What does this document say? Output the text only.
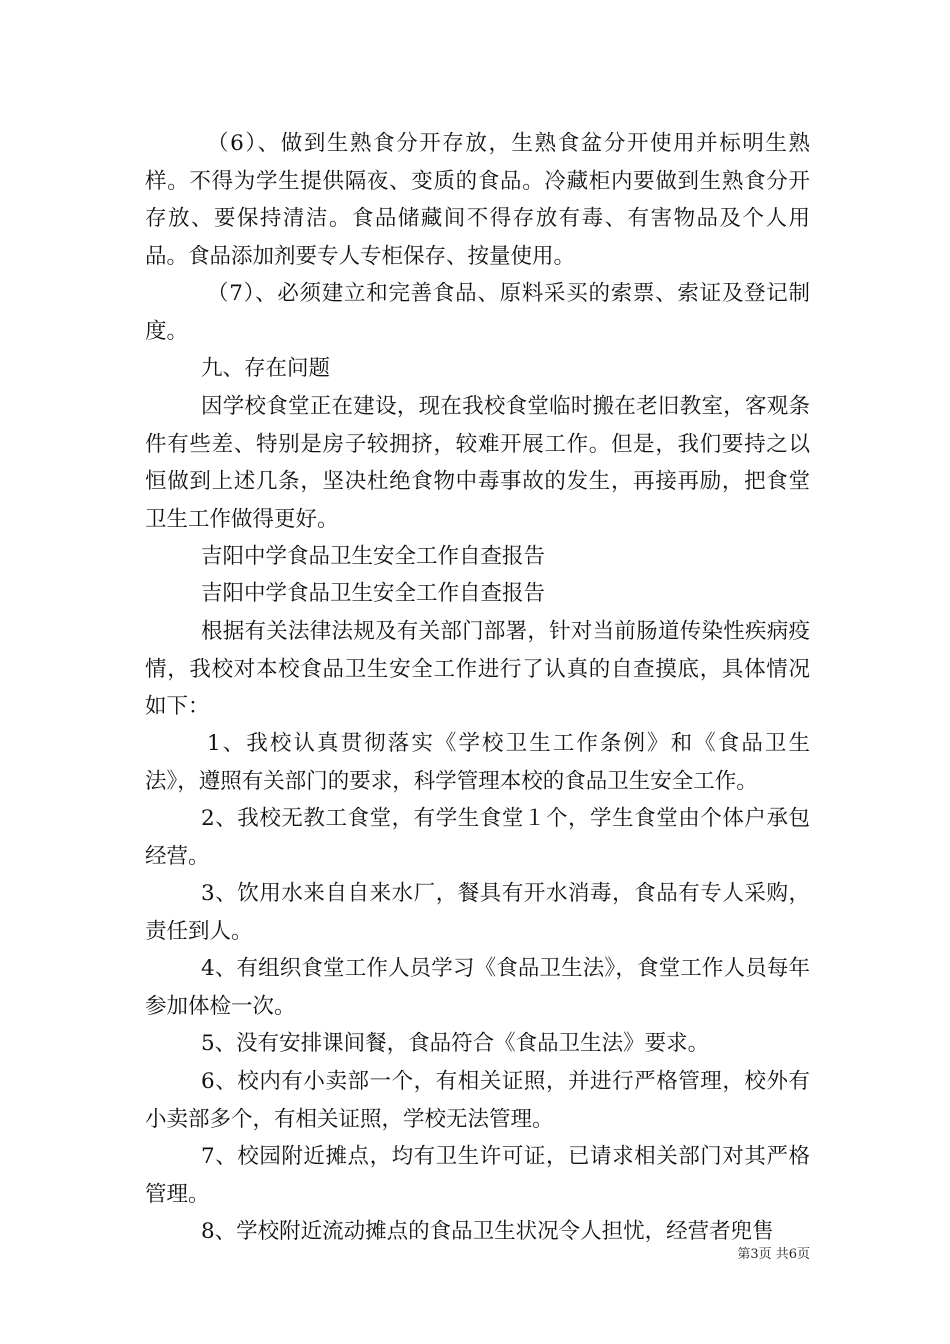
（6）、做到生熟食分开存放，生熟食盆分开使用并标明生熟样。不得为学生提供隔夜、变质的食品。冷藏柜内要做到生熟食分开存放、要保持清洁。食品储藏间不得存放有毒、有害物品及个人用品。食品添加剂要专人专柜保存、按量使用。

（7）、必须建立和完善食品、原料采买的索票、索证及登记制度。

九、存在问题

因学校食堂正在建设，现在我校食堂临时搬在老旧教室，客观条件有些差、特别是房子较拥挤，较难开展工作。但是，我们要持之以恒做到上述几条，坚决杜绝食物中毒事故的发生，再接再励，把食堂卫生工作做得更好。

吉阳中学食品卫生安全工作自查报告

吉阳中学食品卫生安全工作自查报告

根据有关法律法规及有关部门部署，针对当前肠道传染性疾病疫情，我校对本校食品卫生安全工作进行了认真的自查摸底，具体情况如下：

1、我校认真贯彻落实《学校卫生工作条例》和《食品卫生法》，遵照有关部门的要求，科学管理本校的食品卫生安全工作。

2、我校无教工食堂，有学生食堂１个，学生食堂由个体户承包经营。

3、饮用水来自自来水厂，餐具有开水消毒，食品有专人采购，责任到人。

4、有组织食堂工作人员学习《食品卫生法》，食堂工作人员每年参加体检一次。

5、没有安排课间餐，食品符合《食品卫生法》要求。

6、校内有小卖部一个，有相关证照，并进行严格管理，校外有小卖部多个，有相关证照，学校无法管理。

7、校园附近摊点，均有卫生许可证，已请求相关部门对其严格管理。

8、学校附近流动摊点的食品卫生状况令人担忧，经营者兜售

第3页 共6页
